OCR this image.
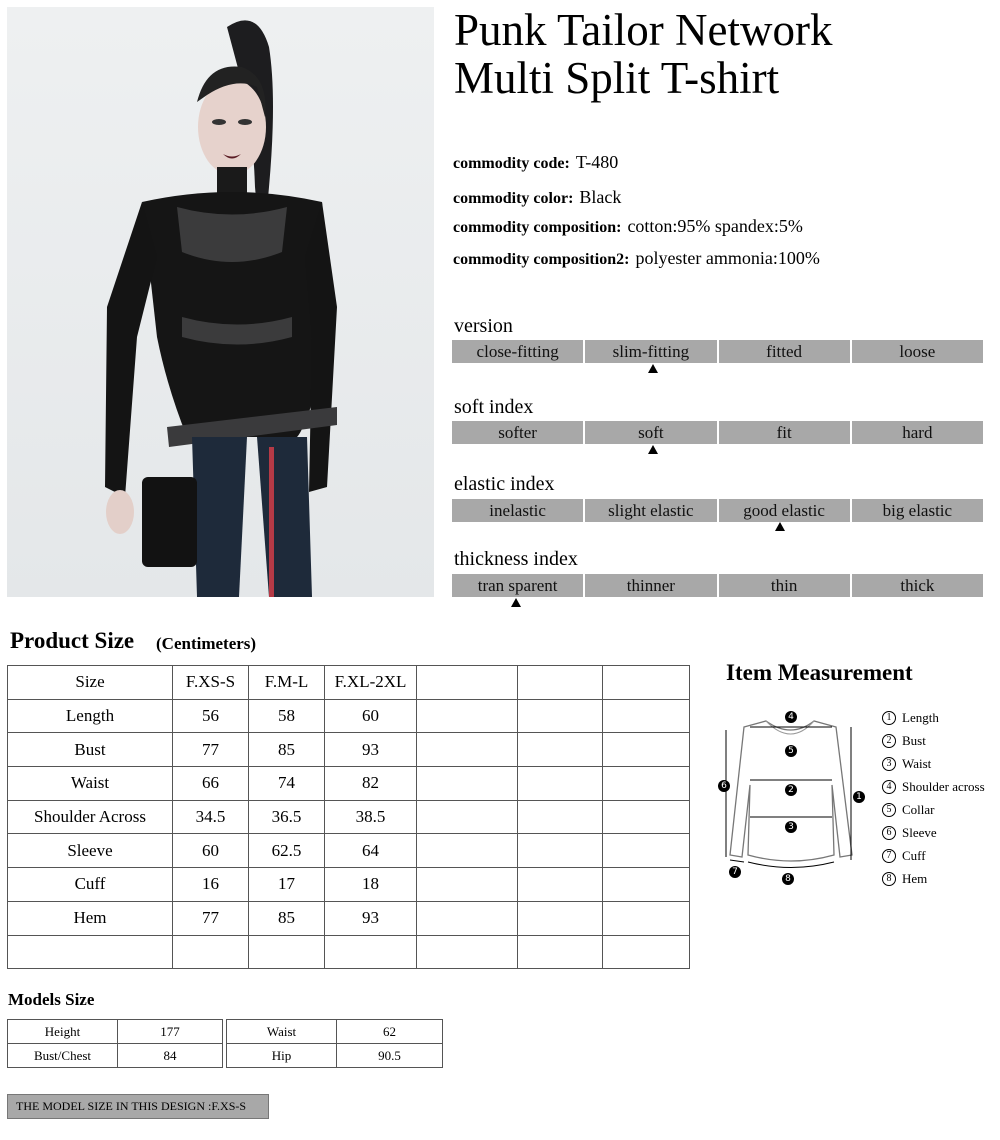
Punk Tailor Network
Multi Split T-shirt
commodity code: T-480
commodity color: Black
commodity composition: cotton:95% spandex:5%
commodity composition2: polyester ammonia:100%
version
close-fitting	slim-fitting	fitted	loose
soft index
softer	soft	fit	hard
elastic index
inelastic	slight elastic	good elastic	big elastic
thickness index
tran sparent	thinner	thin	thick
Product Size (Centimeters)
Size	F.XS-S	F.M-L	F.XL-2XL			
Length	56	58	60			
Bust	77	85	93			
Waist	66	74	82			
Shoulder Across	34.5	36.5	38.5			
Sleeve	60	62.5	64			
Cuff	16	17	18			
Hem	77	85	93			

Item Measurement
4
5
2
3
1
6
7
8
1 Length
2 Bust
3 Waist
4 Shoulder across
5 Collar
6 Sleeve
7 Cuff
8 Hem
Models Size
Height	177
Bust/Chest	84
Waist	62
Hip	90.5
THE MODEL SIZE IN THIS DESIGN :F.XS-S
